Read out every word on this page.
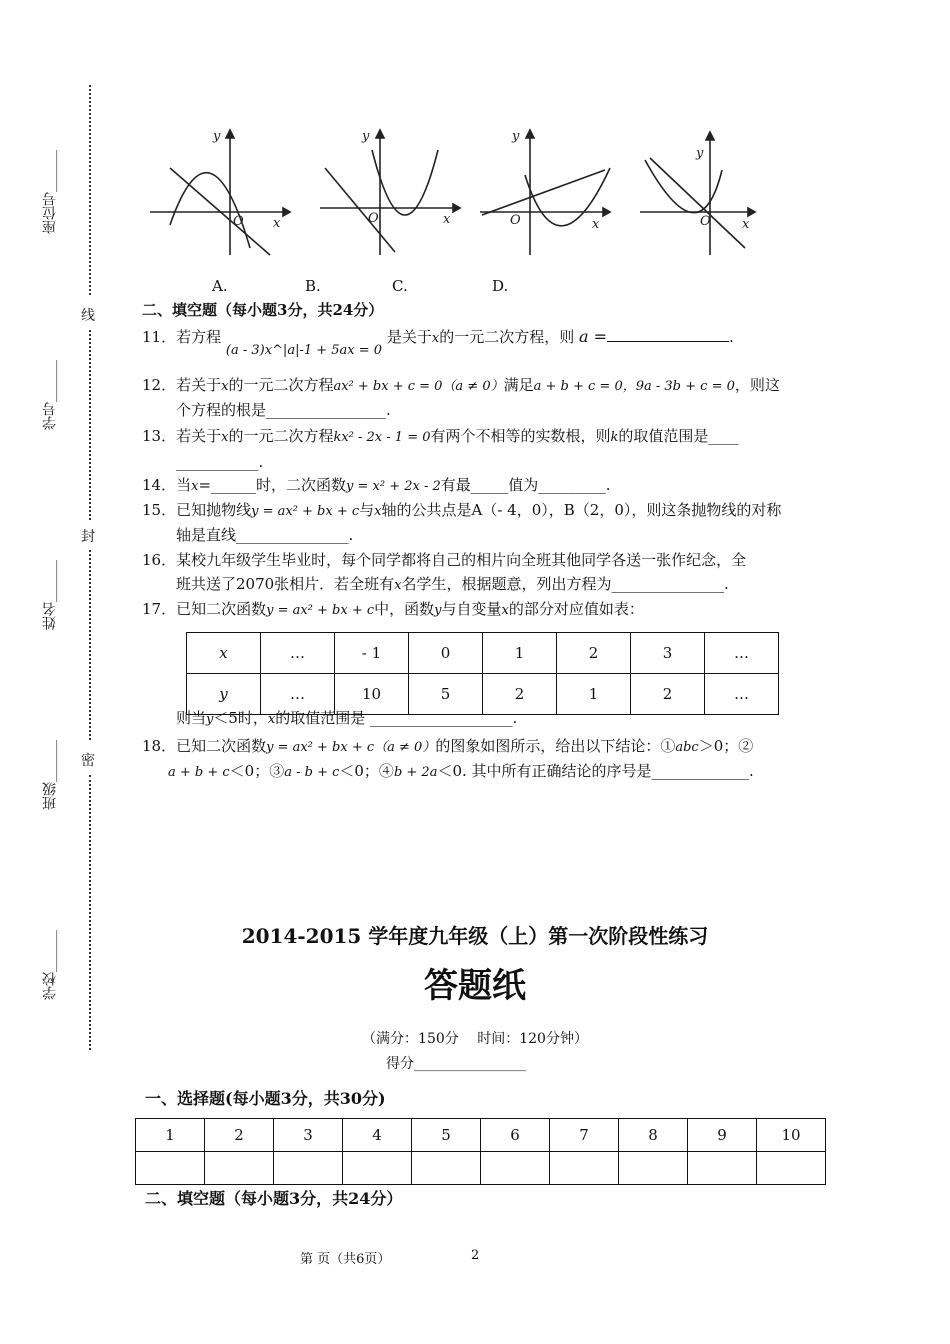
座位号______
学号______
姓名______
班级______
学校______
线
封
密
x
y
O	x
y
O	x
y
O	x
y
O
A.	B.	C.	D.
二、填空题（每小题3分，共24分）
11．若方程 (a - 3)x^|a|-1 + 5ax = 0 是关于x的一元二次方程，则 a =	.
12．若关于x的一元二次方程ax² + bx + c = 0（a ≠ 0）满足a + b + c = 0，9a - 3b + c = 0，则这
个方程的根是________________.
13．若关于x的一元二次方程kx² - 2x - 1 = 0有两个不相等的实数根，则k的取值范围是____
___________.
14．当x=______时，二次函数y = x² + 2x - 2有最_____值为_________.
15．已知抛物线y = ax² + bx + c与x轴的公共点是A（- 4，0），B（2，0），则这条抛物线的对称
轴是直线_______________.
16．某校九年级学生毕业时，每个同学都将自己的相片向全班其他同学各送一张作纪念，全
班共送了2070张相片．若全班有x名学生，根据题意，列出方程为_______________.
17．已知二次函数y = ax² + bx + c中，函数y与自变量x的部分对应值如表：
x	…	- 1	0	1	2	3	…
y	…	10	5	2	1	2	…
则当y＜5时，x的取值范围是 ___________________.
18．已知二次函数y = ax² + bx + c（a ≠ 0）的图象如图所示，给出以下结论：①abc＞0；②
a + b + c＜0；③a - b + c＜0；④b + 2a＜0. 其中所有正确结论的序号是_____________.
2014-2015 学年度九年级（上）第一次阶段性练习
答题纸
（满分：150分　 时间：120分钟）
得分________________
一、选择题(每小题3分，共30分)
1	2	3	4	5	6	7	8	9	10

二、填空题（每小题3分，共24分）
第 页（共6页）	2
